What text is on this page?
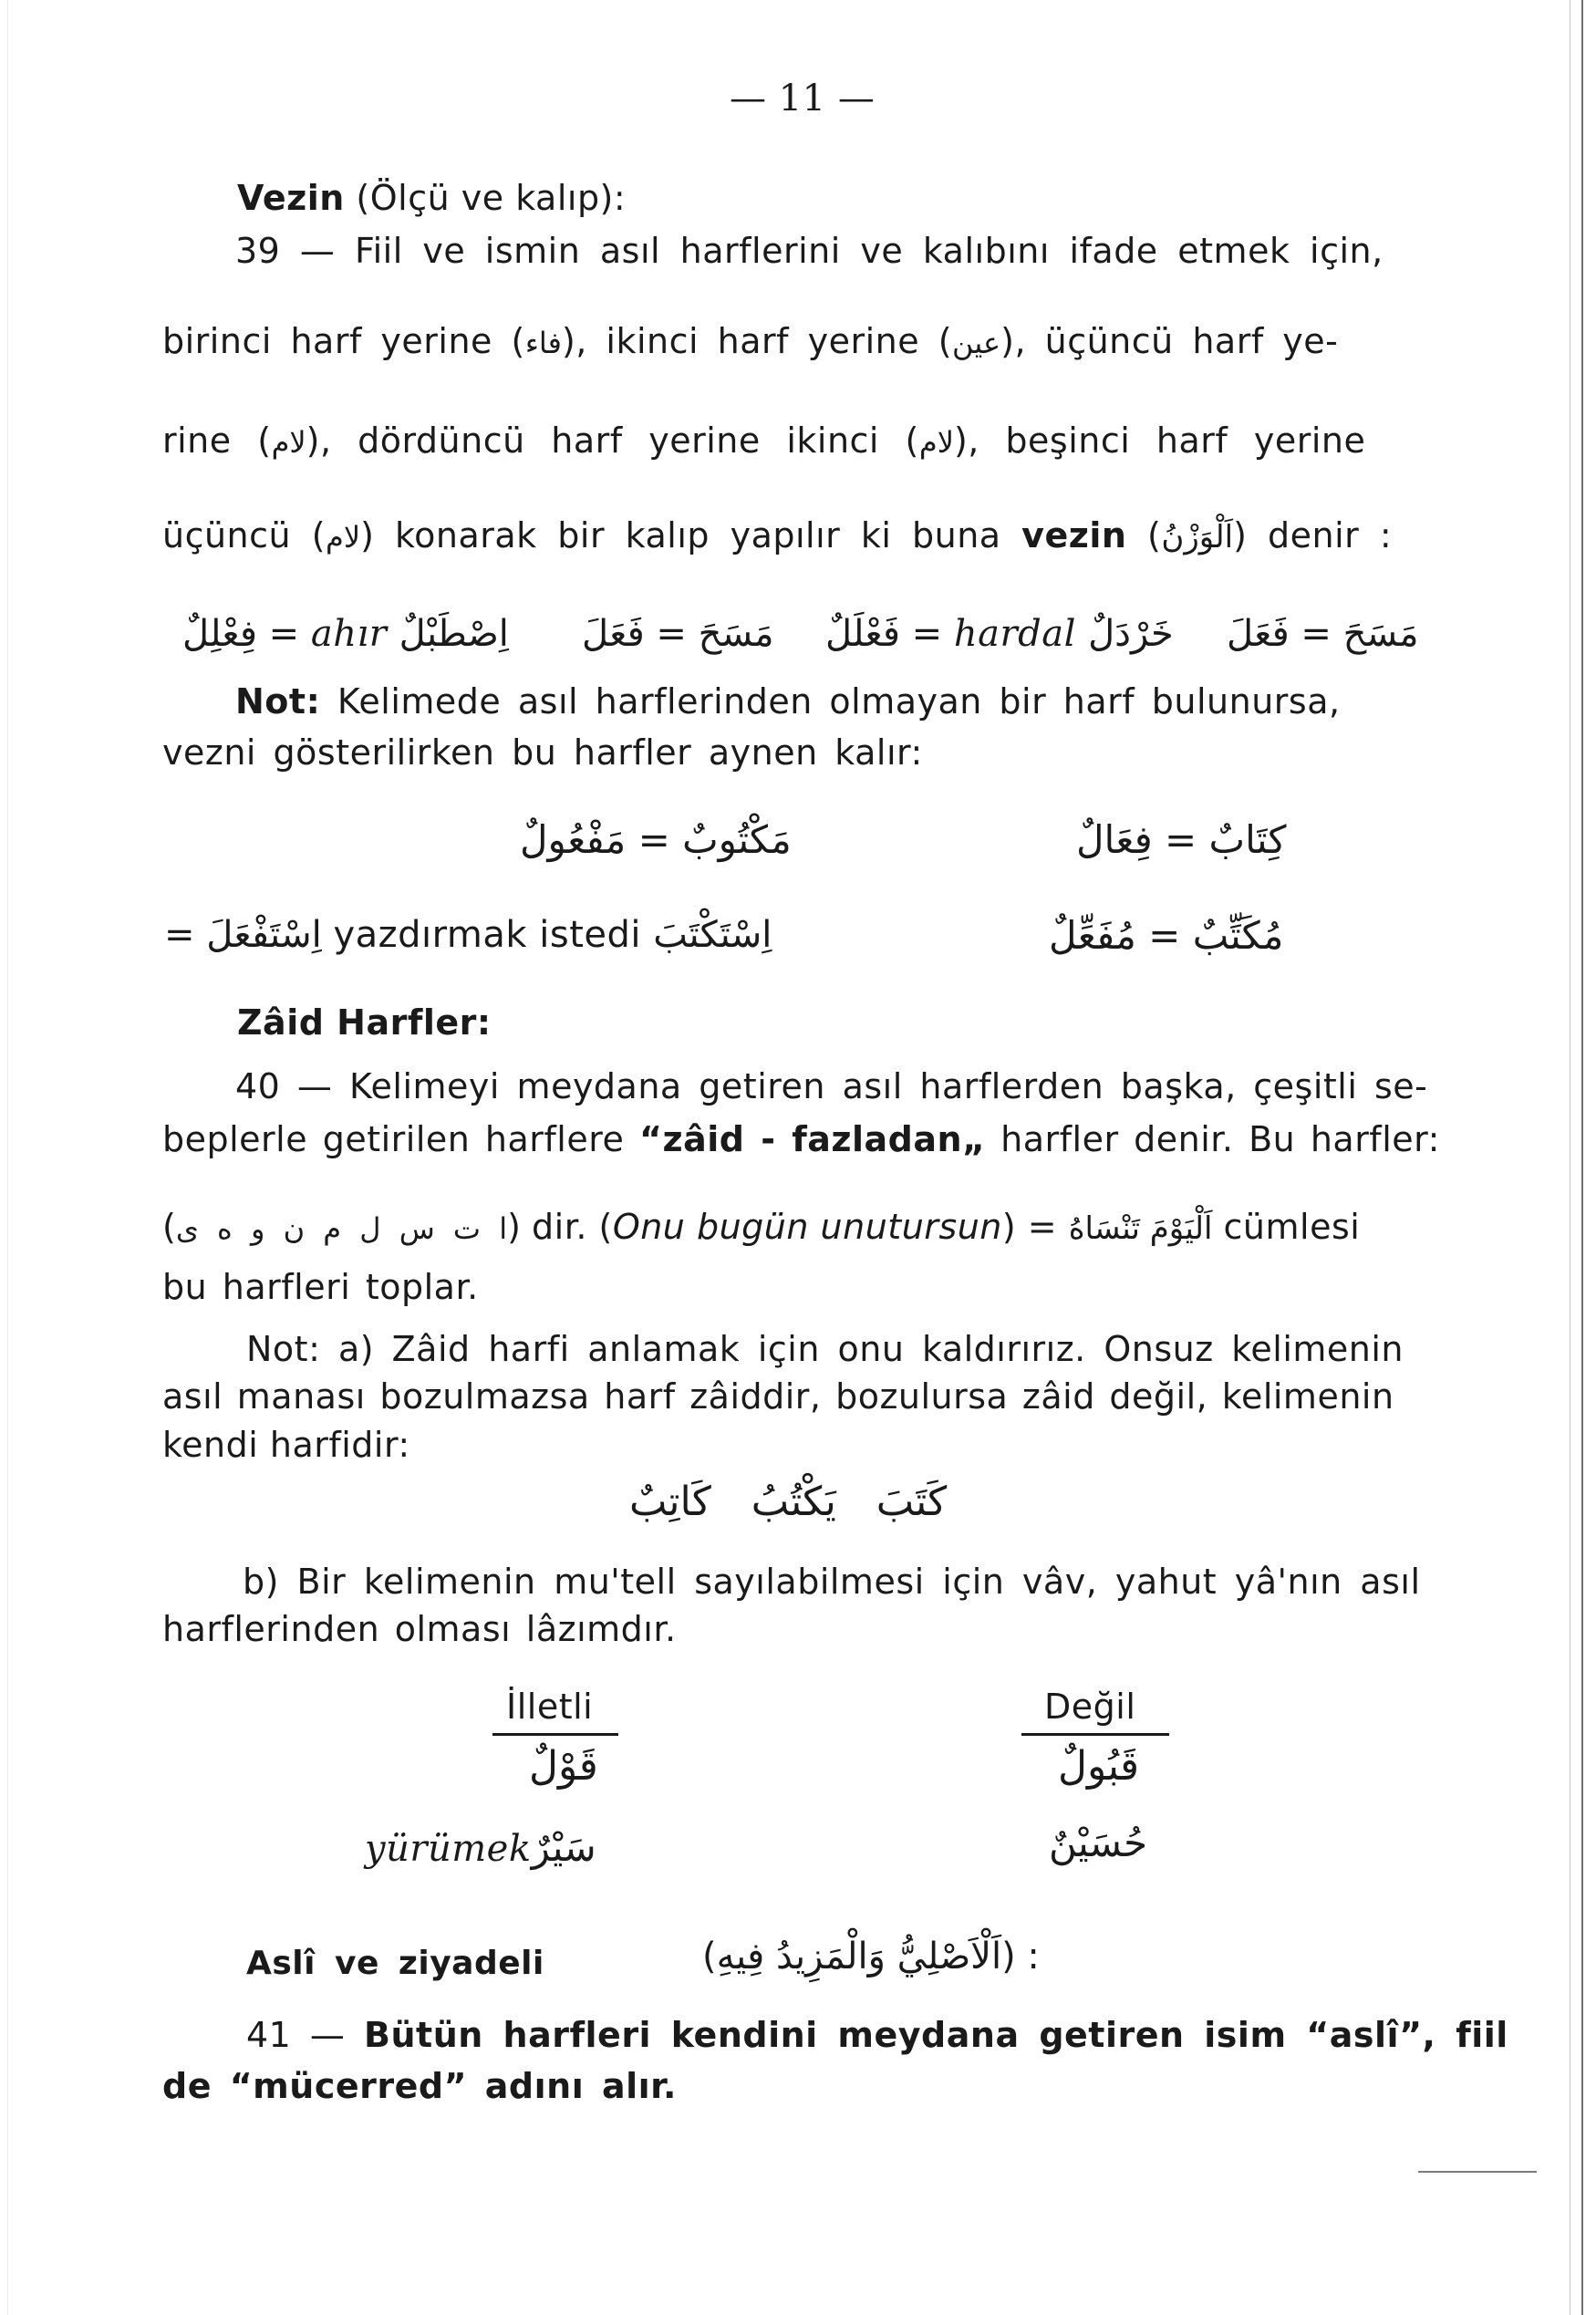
— 11 —
Vezin (Ölçü ve kalıp):
39 — Fiil ve ismin asıl harflerini ve kalıbını ifade etmek için,
birinci harf yerine (فاء), ikinci harf yerine (عين), üçüncü harf ye-
rine (لام), dördüncü harf yerine ikinci (لام), beşinci harf yerine
üçüncü (لام) konarak bir kalıp yapılır ki buna vezin (اَلْوَزْنُ) denir :
مَسَحَ = فَعَلَ
فَعْلَلٌ = hardal خَرْدَلٌ
مَسَحَ = فَعَلَ
فِعْلِلٌ = ahır اِصْطَبْلٌ
Not: Kelimede asıl harflerinden olmayan bir harf bulunursa,
vezni gösterilirken bu harfler aynen kalır:
مَكْتُوبٌ = مَفْعُولٌ	كِتَابٌ = فِعَالٌ
= اِسْتَفْعَلَ yazdırmak istedi اِسْتَكْتَبَ	مُكَتِّبٌ = مُفَعِّلٌ
Zâid Harfler:
40 — Kelimeyi meydana getiren asıl harflerden başka, çeşitli se-
beplerle getirilen harflere “zâid - fazladan„ harfler denir. Bu harfler:
(ا ت س ل م ن و ه ى) dir. (Onu bugün unutursun) = اَلْيَوْمَ تَنْسَاهُ cümlesi
bu harfleri toplar.
Not: a) Zâid harfi anlamak için onu kaldırırız. Onsuz kelimenin
asıl manası bozulmazsa harf zâiddir, bozulursa zâid değil, kelimenin
kendi harfidir:
كَتَبَ يَكْتُبُ كَاتِبٌ
b) Bir kelimenin mu'tell sayılabilmesi için vâv, yahut yâ'nın asıl
harflerinden olması lâzımdır.
İlletli	Değil
قَوْلٌ	قَبُولٌ
yürümekسَيْرٌ	حُسَيْنٌ
Aslî ve ziyadeli	(اَلْاَصْلِيُّ وَالْمَزِيدُ فِيهِ) :
41 — Bütün harfleri kendini meydana getiren isim “aslî”, fiil
de “mücerred” adını alır.
